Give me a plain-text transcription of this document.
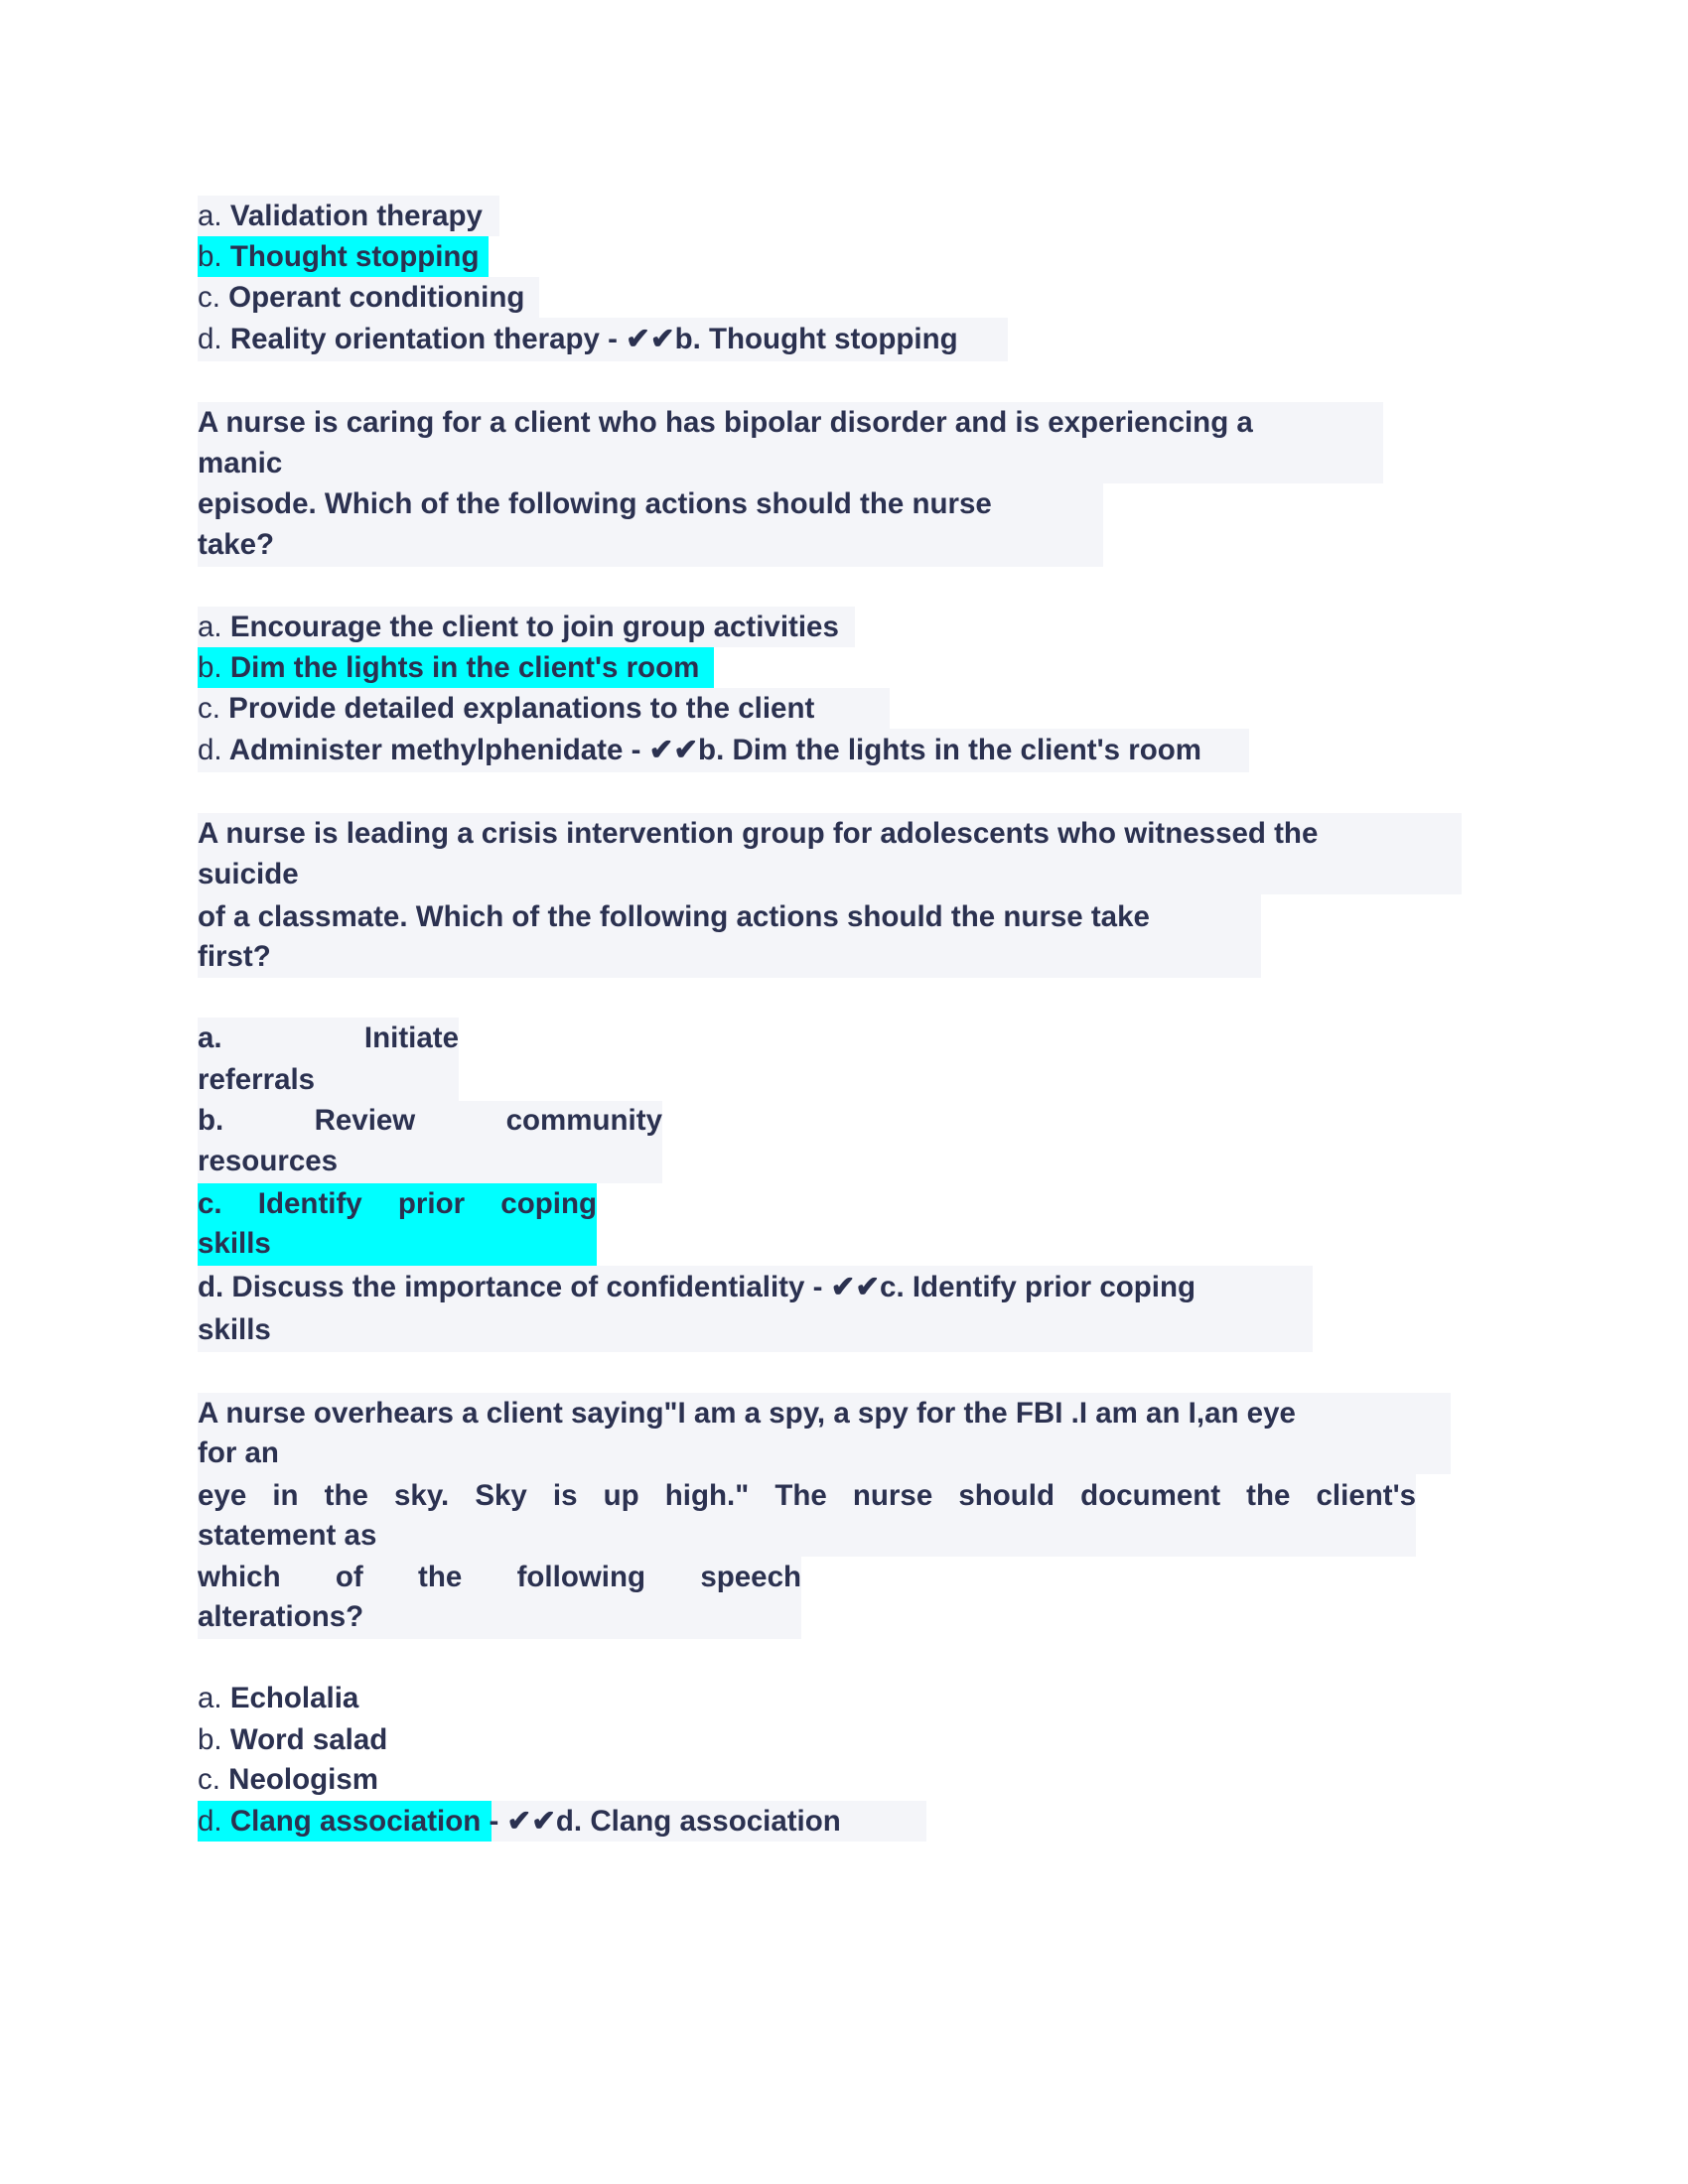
a. Validation therapy
b. Thought stopping
c. Operant conditioning
d. Reality orientation therapy - ✔✔b. Thought stopping
A nurse is caring for a client who has bipolar disorder and is experiencing a
manic
episode. Which of the following actions should the nurse
take?
a. Encourage the client to join group activities
b. Dim the lights in the client's room
c. Provide detailed explanations to the client
d. Administer methylphenidate - ✔✔b. Dim the lights in the client's room
A nurse is leading a crisis intervention group for adolescents who witnessed the
suicide
of a classmate. Which of the following actions should the nurse take
first?
a. Initiate
referrals
b. Review community
resources
c. Identify prior coping
skills
d. Discuss the importance of confidentiality - ✔✔c. Identify prior coping
skills
A nurse overhears a client saying"I am a spy, a spy for the FBI .I am an I,an eye
for an
eye in the sky. Sky is up high." The nurse should document the client's
statement as
which of the following speech
alterations?
a. Echolalia
b. Word salad
c. Neologism
d. Clang association - ✔✔d. Clang association
